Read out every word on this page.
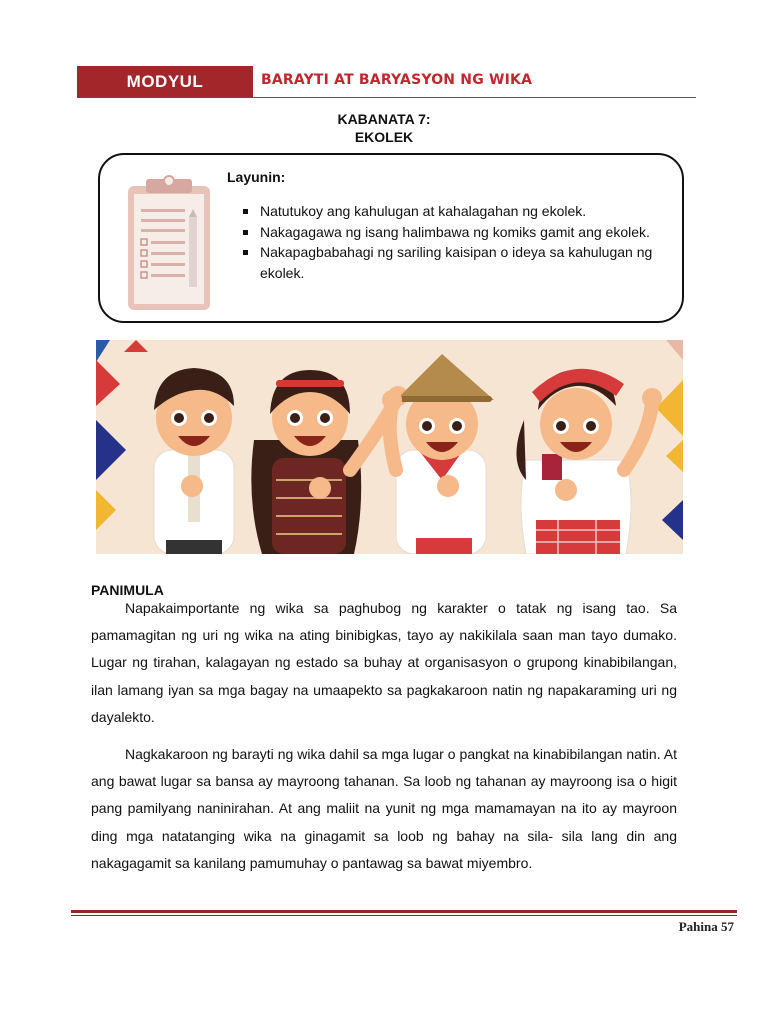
MODYUL	BARAYTI AT BARYASYON NG WIKA
KABANATA 7:
EKOLEK
Layunin:
Natutukoy ang kahulugan at kahalagahan ng ekolek.
Nakagagawa ng isang halimbawa ng komiks gamit ang ekolek.
Nakapagbabahagi ng sariling kaisipan o ideya sa kahulugan ng ekolek.
PANIMULA
Napakaimportante ng wika sa paghubog ng karakter o tatak ng isang tao. Sa pamamagitan ng uri ng wika na ating binibigkas, tayo ay nakikilala saan man tayo dumako. Lugar ng tirahan, kalagayan ng estado sa buhay at organisasyon o grupong kinabibilangan, ilan lamang iyan sa mga bagay na umaapekto sa pagkakaroon natin ng napakaraming uri ng dayalekto.
Nagkakaroon ng barayti ng wika dahil sa mga lugar o pangkat na kinabibilangan natin. At ang bawat lugar sa bansa ay mayroong tahanan. Sa loob ng tahanan ay mayroong isa o higit pang pamilyang naninirahan. At ang maliit na yunit ng mga mamamayan na ito ay mayroon ding mga natatanging wika na ginagamit sa loob ng bahay na sila- sila lang din ang nakagagamit sa kanilang pamumuhay o pantawag sa bawat miyembro.
Pahina 57
